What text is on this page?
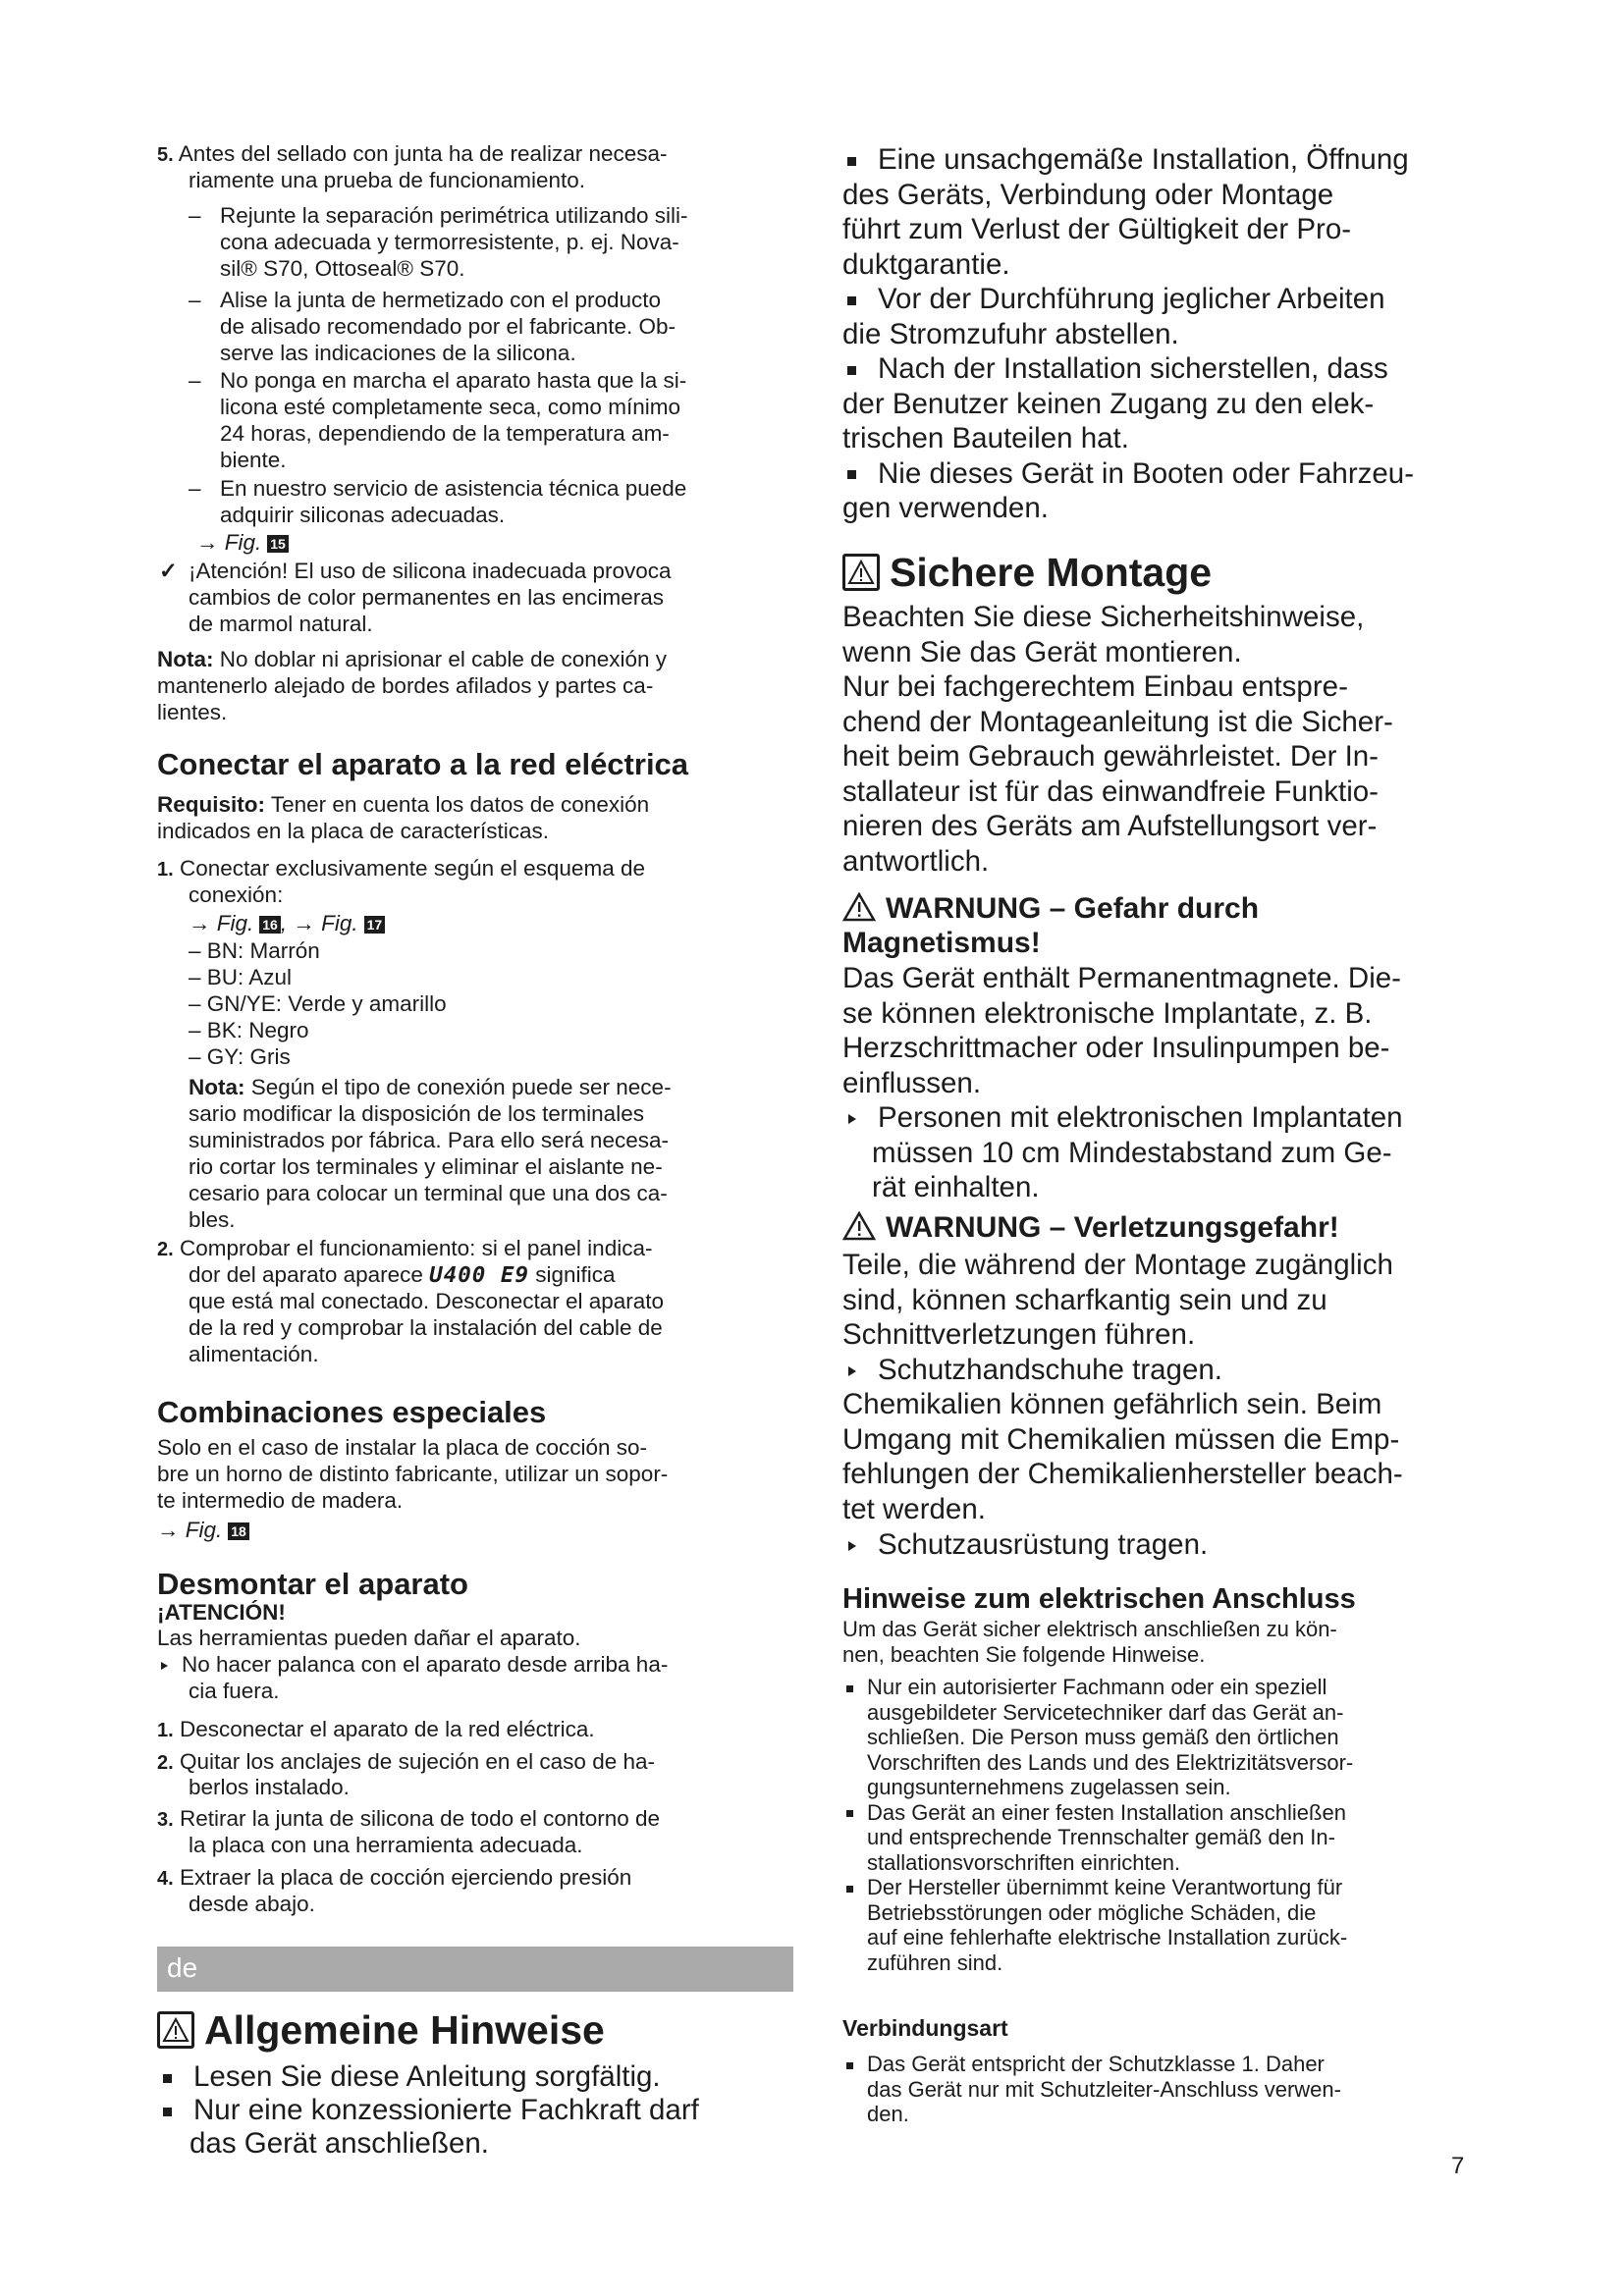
5. Antes del sellado con junta ha de realizar necesa-
riamente una prueba de funcionamiento.
– Rejunte la separación perimétrica utilizando sili-
cona adecuada y termorresistente, p. ej. Nova-
sil® S70, Ottoseal® S70.
– Alise la junta de hermetizado con el producto
de alisado recomendado por el fabricante. Ob-
serve las indicaciones de la silicona.
– No ponga en marcha el aparato hasta que la si-
licona esté completamente seca, como mínimo
24 horas, dependiendo de la temperatura am-
biente.
– En nuestro servicio de asistencia técnica puede
adquirir siliconas adecuadas.
→ Fig. 15
✓ ¡Atención! El uso de silicona inadecuada provoca
cambios de color permanentes en las encimeras
de marmol natural.
Nota: No doblar ni aprisionar el cable de conexión y
mantenerlo alejado de bordes afilados y partes ca-
lientes.
Conectar el aparato a la red eléctrica
Requisito: Tener en cuenta los datos de conexión
indicados en la placa de características.
1. Conectar exclusivamente según el esquema de
conexión:
→ Fig. 16 , → Fig. 17
– BN: Marrón
– BU: Azul
– GN/YE: Verde y amarillo
– BK: Negro
– GY: Gris
Nota: Según el tipo de conexión puede ser nece-
sario modificar la disposición de los terminales
suministrados por fábrica. Para ello será necesa-
rio cortar los terminales y eliminar el aislante ne-
cesario para colocar un terminal que una dos ca-
bles.
2. Comprobar el funcionamiento: si el panel indica-
dor del aparato aparece U400 E9 significa
que está mal conectado. Desconectar el aparato
de la red y comprobar la instalación del cable de
alimentación.
Combinaciones especiales
Solo en el caso de instalar la placa de cocción so-
bre un horno de distinto fabricante, utilizar un sopor-
te intermedio de madera.
→ Fig. 18
Desmontar el aparato
¡ATENCIÓN!
Las herramientas pueden dañar el aparato.
No hacer palanca con el aparato desde arriba ha-
cia fuera.
1. Desconectar el aparato de la red eléctrica.
2. Quitar los anclajes de sujeción en el caso de ha-
berlos instalado.
3. Retirar la junta de silicona de todo el contorno de
la placa con una herramienta adecuada.
4. Extraer la placa de cocción ejerciendo presión
desde abajo.
de
Allgemeine Hinweise
Lesen Sie diese Anleitung sorgfältig.
Nur eine konzessionierte Fachkraft darf
das Gerät anschließen.
Eine unsachgemäße Installation, Öffnung
des Geräts, Verbindung oder Montage
führt zum Verlust der Gültigkeit der Pro-
duktgarantie.
Vor der Durchführung jeglicher Arbeiten
die Stromzufuhr abstellen.
Nach der Installation sicherstellen, dass
der Benutzer keinen Zugang zu den elek-
trischen Bauteilen hat.
Nie dieses Gerät in Booten oder Fahrzeu-
gen verwenden.
Sichere Montage
Beachten Sie diese Sicherheitshinweise,
wenn Sie das Gerät montieren.
Nur bei fachgerechtem Einbau entspre-
chend der Montageanleitung ist die Sicher-
heit beim Gebrauch gewährleistet. Der In-
stallateur ist für das einwandfreie Funktio-
nieren des Geräts am Aufstellungsort ver-
antwortlich.
WARNUNG – Gefahr durch
Magnetismus!
Das Gerät enthält Permanentmagnete. Die-
se können elektronische Implantate, z. B.
Herzschrittmacher oder Insulinpumpen be-
einflussen.
Personen mit elektronischen Implantaten
müssen 10 cm Mindestabstand zum Ge-
rät einhalten.
WARNUNG – Verletzungsgefahr!
Teile, die während der Montage zugänglich
sind, können scharfkantig sein und zu
Schnittverletzungen führen.
Schutzhandschuhe tragen.
Chemikalien können gefährlich sein. Beim
Umgang mit Chemikalien müssen die Emp-
fehlungen der Chemikalienhersteller beach-
tet werden.
Schutzausrüstung tragen.
Hinweise zum elektrischen Anschluss
Um das Gerät sicher elektrisch anschließen zu kön-
nen, beachten Sie folgende Hinweise.
Nur ein autorisierter Fachmann oder ein speziell
ausgebildeter Servicetechniker darf das Gerät an-
schließen. Die Person muss gemäß den örtlichen
Vorschriften des Lands und des Elektrizitätsversor-
gungsunternehmens zugelassen sein.
Das Gerät an einer festen Installation anschließen
und entsprechende Trennschalter gemäß den In-
stallationsvorschriften einrichten.
Der Hersteller übernimmt keine Verantwortung für
Betriebsstörungen oder mögliche Schäden, die
auf eine fehlerhafte elektrische Installation zurück-
zuführen sind.
Verbindungsart
Das Gerät entspricht der Schutzklasse 1. Daher
das Gerät nur mit Schutzleiter-Anschluss verwen-
den.
7
